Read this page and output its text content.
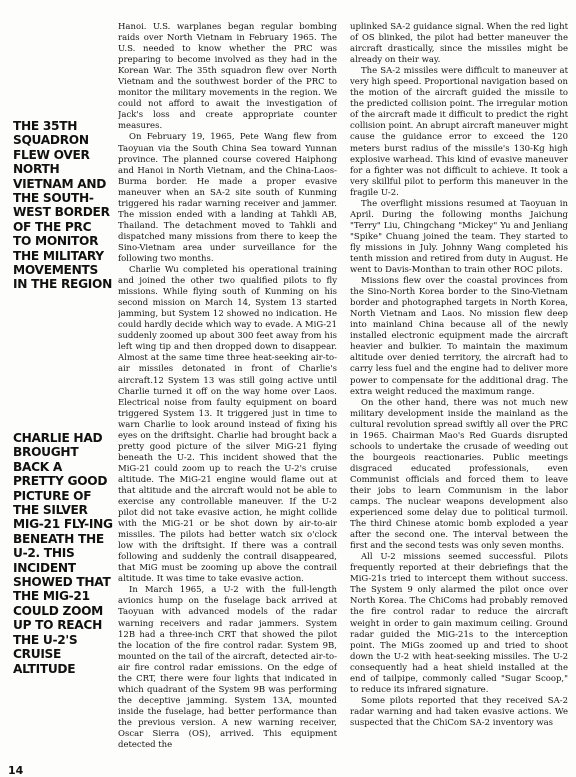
THE 35TH SQUADRON FLEW OVER NORTH VIETNAM AND THE SOUTH-WEST BORDER OF THE PRC TO MONITOR THE MILITARY MOVEMENTS IN THE REGION

CHARLIE HAD BROUGHT BACK A PRETTY GOOD PICTURE OF THE SILVER MIG-21 FLY-ING BENEATH THE U-2. THIS INCIDENT SHOWED THAT THE MIG-21 COULD ZOOM UP TO REACH THE U-2'S CRUISE ALTITUDE

Hanoi. U.S. warplanes began regular bombing raids over North Vietnam in February 1965. The U.S. needed to know whether the PRC was preparing to become involved as they had in the Korean War. The 35th squadron flew over North Vietnam and the southwest border of the PRC to monitor the military movements in the region. We could not afford to await the investigation of Jack's loss and create appropriate counter measures.

On February 19, 1965, Pete Wang flew from Taoyuan via the South China Sea toward Yunnan province. The planned course covered Haiphong and Hanoi in North Vietnam, and the China-Laos-Burma border. He made a proper evasive maneuver when an SA-2 site south of Kunming triggered his radar warning receiver and jammer. The mission ended with a landing at Tahkli AB, Thailand. The detachment moved to Tahkli and dispatched many missions from there to keep the Sino-Vietnam area under surveillance for the following two months.

Charlie Wu completed his operational training and joined the other two qualified pilots to fly missions. While flying south of Kunming on his second mission on March 14, System 13 started jamming, but System 12 showed no indication. He could hardly decide which way to evade. A MiG-21 suddenly zoomed up about 300 feet away from his left wing tip and then dropped down to disappear. Almost at the same time three heat-seeking air-to-air missiles detonated in front of Charlie's aircraft.12 System 13 was still going active until Charlie turned it off on the way home over Laos. Electrical noise from faulty equipment on board triggered System 13. It triggered just in time to warn Charlie to look around instead of fixing his eyes on the driftsight. Charlie had brought back a pretty good picture of the silver MiG-21 flying beneath the U-2. This incident showed that the MiG-21 could zoom up to reach the U-2's cruise altitude. The MiG-21 engine would flame out at that altitude and the aircraft would not be able to exercise any controllable maneuver. If the U-2 pilot did not take evasive action, he might collide with the MiG-21 or be shot down by air-to-air missiles. The pilots had better watch six o'clock low with the driftsight. If there was a contrail following and suddenly the contrail disappeared, that MiG must be zooming up above the contrail altitude. It was time to take evasive action.

In March 1965, a U-2 with the full-length avionics hump on the fuselage back arrived at Taoyuan with advanced models of the radar warning receivers and radar jammers. System 12B had a three-inch CRT that showed the pilot the location of the fire control radar. System 9B, mounted on the tail of the aircraft, detected air-to-air fire control radar emissions. On the edge of the CRT, there were four lights that indicated in which quadrant of the System 9B was performing the deceptive jamming. System 13A, mounted inside the fuselage, had better performance than the previous version. A new warning receiver, Oscar Sierra (OS), arrived. This equipment detected the

uplinked SA-2 guidance signal. When the red light of OS blinked, the pilot had better maneuver the aircraft drastically, since the missiles might be already on their way.

The SA-2 missiles were difficult to maneuver at very high speed. Proportional navigation based on the motion of the aircraft guided the missile to the predicted collision point. The irregular motion of the aircraft made it difficult to predict the right collision point. An abrupt aircraft maneuver might cause the guidance error to exceed the 120 meters burst radius of the missile's 130-Kg high explosive warhead. This kind of evasive maneuver for a fighter was not difficult to achieve. It took a very skillful pilot to perform this maneuver in the fragile U-2.

The overflight missions resumed at Taoyuan in April. During the following months Jaichung "Terry" Liu, Chingchang "Mickey" Yu and Jenliang "Spike" Chuang joined the team. They started to fly missions in July. Johnny Wang completed his tenth mission and retired from duty in August. He went to Davis-Monthan to train other ROC pilots.

Missions flew over the coastal provinces from the Sino-North Korea border to the Sino-Vietnam border and photographed targets in North Korea, North Vietnam and Laos. No mission flew deep into mainland China because all of the newly installed electronic equipment made the aircraft heavier and bulkier. To maintain the maximum altitude over denied territory, the aircraft had to carry less fuel and the engine had to deliver more power to compensate for the additional drag. The extra weight reduced the maximum range.

On the other hand, there was not much new military development inside the mainland as the cultural revolution spread swiftly all over the PRC in 1965. Chairman Mao's Red Guards disrupted schools to undertake the crusade of weeding out the bourgeois reactionaries. Public meetings disgraced educated professionals, even Communist officials and forced them to leave their jobs to learn Communism in the labor camps. The nuclear weapons development also experienced some delay due to political turmoil. The third Chinese atomic bomb exploded a year after the second one. The interval between the first and the second tests was only seven months.

All U-2 missions seemed successful. Pilots frequently reported at their debriefings that the MiG-21s tried to intercept them without success. The System 9 only alarmed the pilot once over North Korea. The ChiComs had probably removed the fire control radar to reduce the aircraft weight in order to gain maximum ceiling. Ground radar guided the MiG-21s to the interception point. The MiGs zoomed up and tried to shoot down the U-2 with heat-seeking missiles. The U-2 consequently had a heat shield installed at the end of tailpipe, commonly called "Sugar Scoop," to reduce its infrared signature.

Some pilots reported that they received SA-2 radar warning and had taken evasive actions. We suspected that the ChiCom SA-2 inventory was

14
